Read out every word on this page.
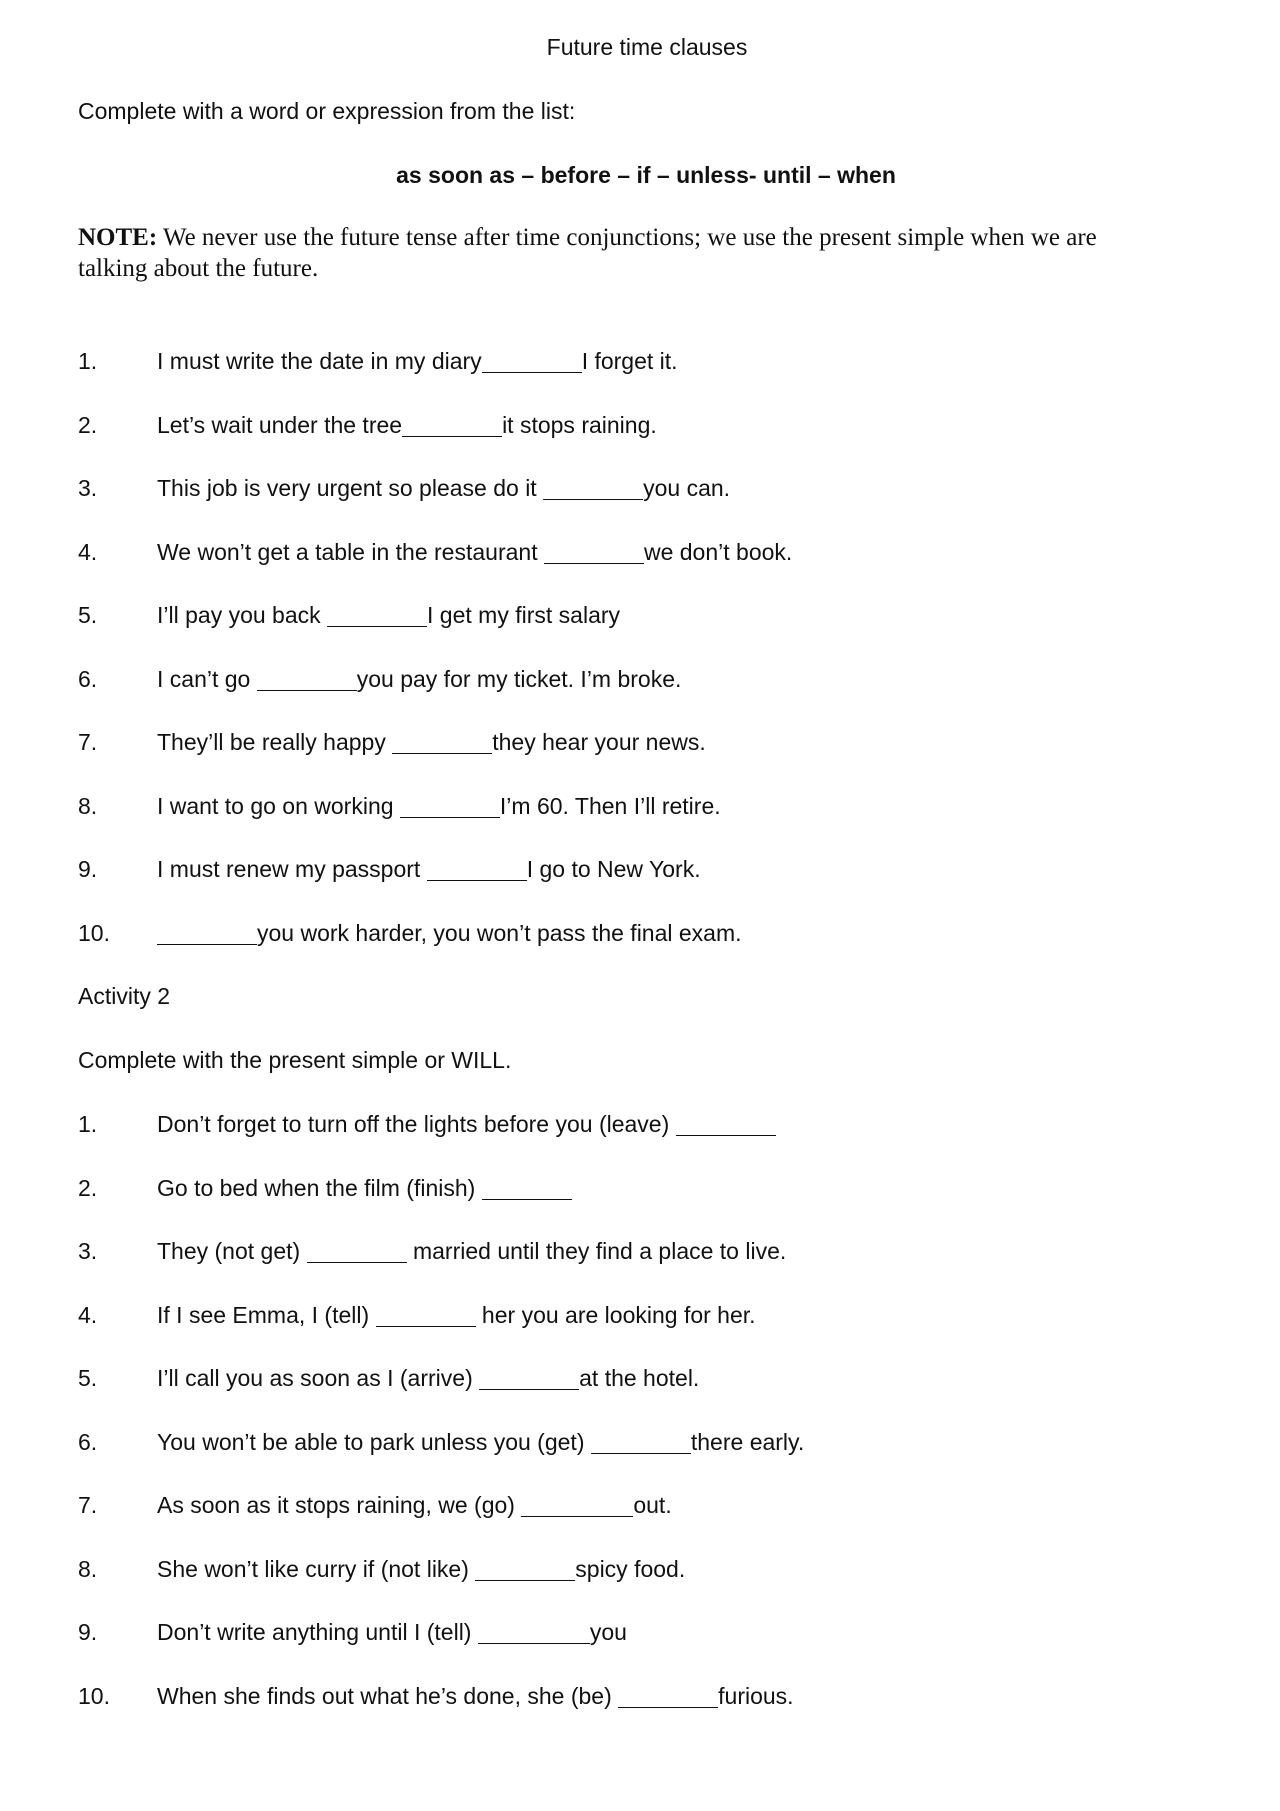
Future time clauses
Complete with a word or expression from the list:
as soon as – before – if – unless- until – when
NOTE: We never use the future tense after time conjunctions; we use the present simple when we are talking about the future.
1.	I must write the date in my diary	I forget it.
2.	Let’s wait under the tree	it stops raining.
3.	This job is very urgent so please do it	you can.
4.	We won’t get a table in the restaurant	we don’t book.
5.	I’ll pay you back	I get my first salary
6.	I can’t go	you pay for my ticket. I’m broke.
7.	They’ll be really happy	they hear your news.
8.	I want to go on working	I’m 60. Then I’ll retire.
9.	I must renew my passport	I go to New York.
10.	you work harder, you won’t pass the final exam.
Activity 2
Complete with the present simple or WILL.
1.	Don’t forget to turn off the lights before you (leave)
2.	Go to bed when the film (finish)
3.	They (not get)	married until they find a place to live.
4.	If I see Emma, I (tell)	her you are looking for her.
5.	I’ll call you as soon as I (arrive)	at the hotel.
6.	You won’t be able to park unless you (get)	there early.
7.	As soon as it stops raining, we (go)	out.
8.	She won’t like curry if (not like)	spicy food.
9.	Don’t write anything until I (tell)	you
10.	When she finds out what he’s done, she (be)	furious.
